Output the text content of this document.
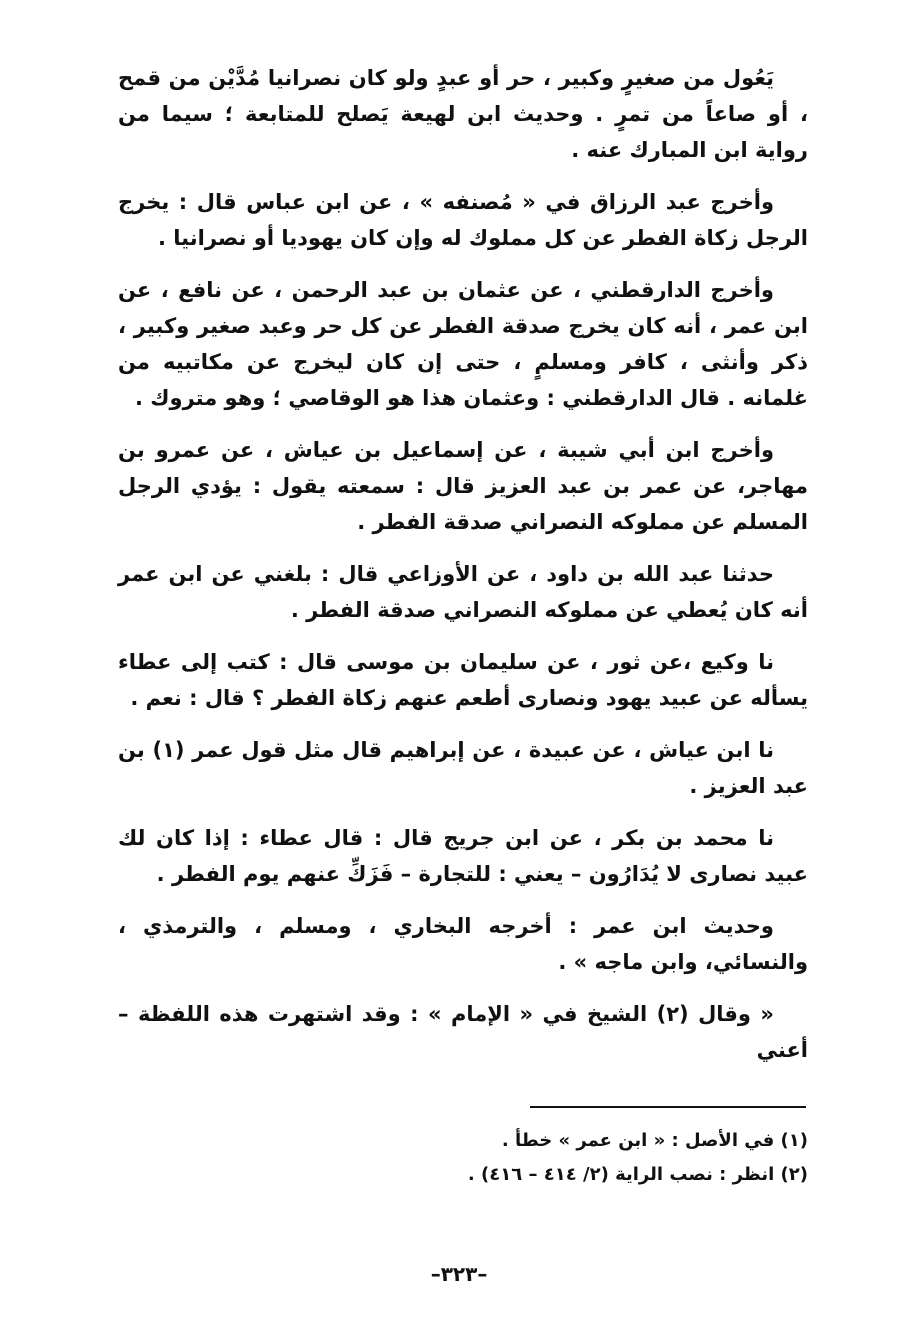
يَعُول من صغيرٍ وكبير ، حر أو عبدٍ ولو كان نصرانيا مُدَّيْن من قمح ، أو صاعاً من تمرٍ . وحديث ابن لهيعة يَصلح للمتابعة ؛ سيما من رواية ابن المبارك عنه .

وأخرج عبد الرزاق في « مُصنفه » ، عن ابن عباس قال : يخرج الرجل زكاة الفطر عن كل مملوك له وإن كان يهوديا أو نصرانيا .

وأخرج الدارقطني ، عن عثمان بن عبد الرحمن ، عن نافع ، عن ابن عمر ، أنه كان يخرج صدقة الفطر عن كل حر وعبد صغير وكبير ، ذكر وأنثى ، كافر ومسلمٍ ، حتى إن كان ليخرج عن مكاتبيه من غلمانه . قال الدارقطني : وعثمان هذا هو الوقاصي ؛ وهو متروك .

وأخرج ابن أبي شيبة ، عن إسماعيل بن عياش ، عن عمرو بن مهاجر، عن عمر بن عبد العزيز قال : سمعته يقول : يؤدي الرجل المسلم عن مملوكه النصراني صدقة الفطر .

حدثنا عبد الله بن داود ، عن الأوزاعي قال : بلغني عن ابن عمر أنه كان يُعطي عن مملوكه النصراني صدقة الفطر .

نا وكيع ،عن ثور ، عن سليمان بن موسى قال : كتب إلى عطاء يسأله عن عبيد يهود ونصارى أطعم عنهم زكاة الفطر ؟ قال : نعم .

نا ابن عياش ، عن عبيدة ، عن إبراهيم قال مثل قول عمر (١) بن عبد العزيز .

نا محمد بن بكر ، عن ابن جريج قال : قال عطاء : إذا كان لك عبيد نصارى لا يُدَارُون – يعني : للتجارة – فَزَكِّ عنهم يوم الفطر .

وحديث ابن عمر : أخرجه البخاري ، ومسلم ، والترمذي ، والنسائي، وابن ماجه » .

« وقال (٢) الشيخ في « الإمام » : وقد اشتهرت هذه اللفظة – أعني

(١) في الأصل : « ابن عمر » خطأ .

(٢) انظر : نصب الراية (٢/ ٤١٤ – ٤١٦) .

–٣٢٣–
